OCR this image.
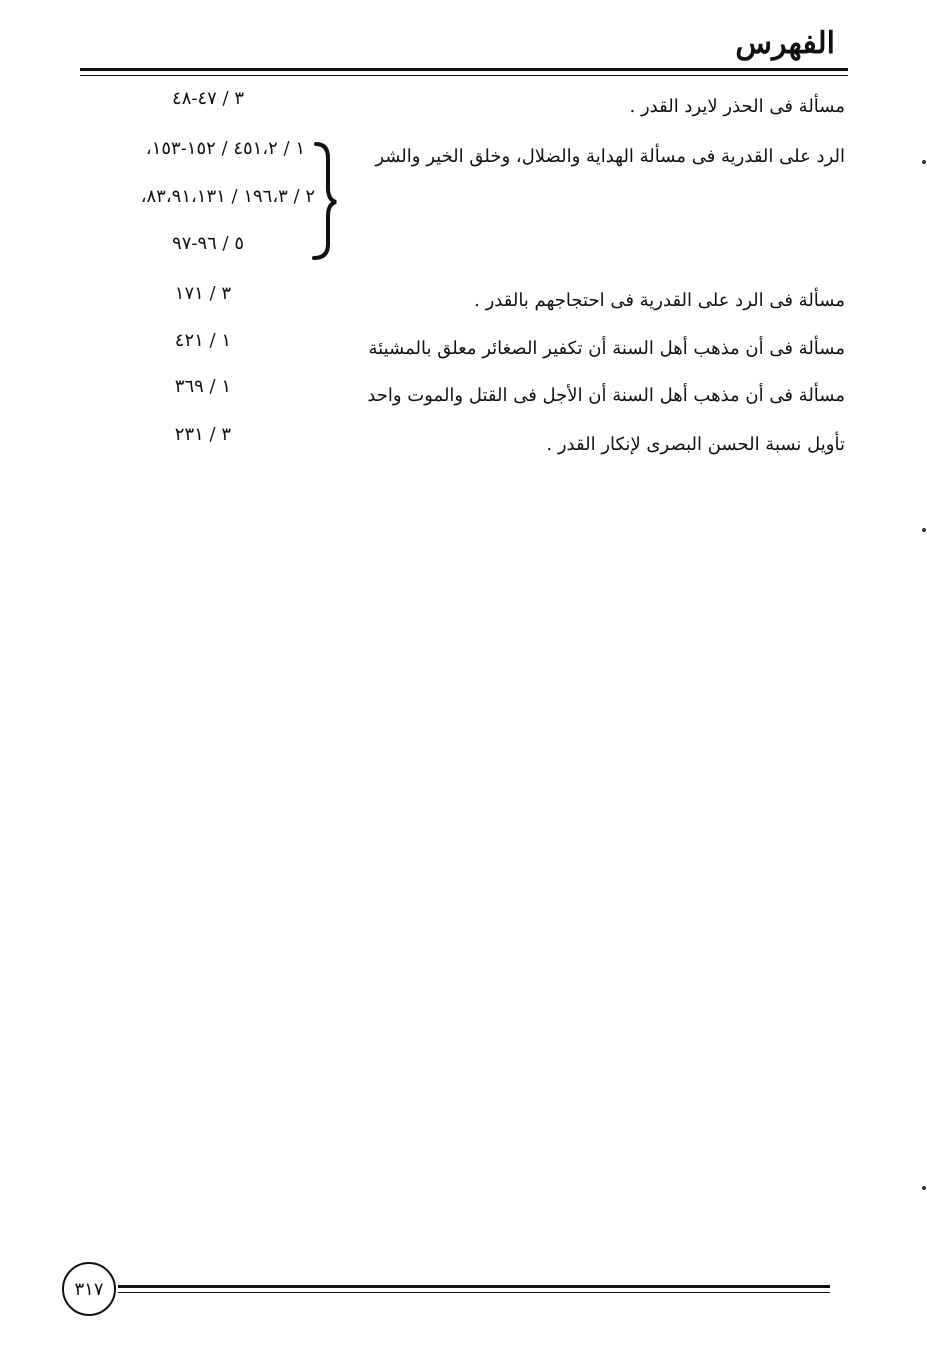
الفهرس
مسألة فى الحذر لايرد القدر .
٣ / ٤٧-٤٨
الرد على القدرية فى مسألة الهداية والضلال، وخلق الخير والشر
١ / ٤٥١،٢ / ١٥٢-١٥٣،
٢ / ١٩٦،٣ / ٨٣،٩١،١٣١،
٥ / ٩٦-٩٧
مسألة فى الرد على القدرية فى احتجاجهم بالقدر .
٣ / ١٧١
مسألة فى أن مذهب أهل السنة أن تكفير الصغائر معلق بالمشيئة
١ / ٤٢١
مسألة فى أن مذهب أهل السنة أن الأجل فى القتل والموت واحد
١ / ٣٦٩
تأويل نسبة الحسن البصرى لإنكار القدر .
٣ / ٢٣١
٣١٧
